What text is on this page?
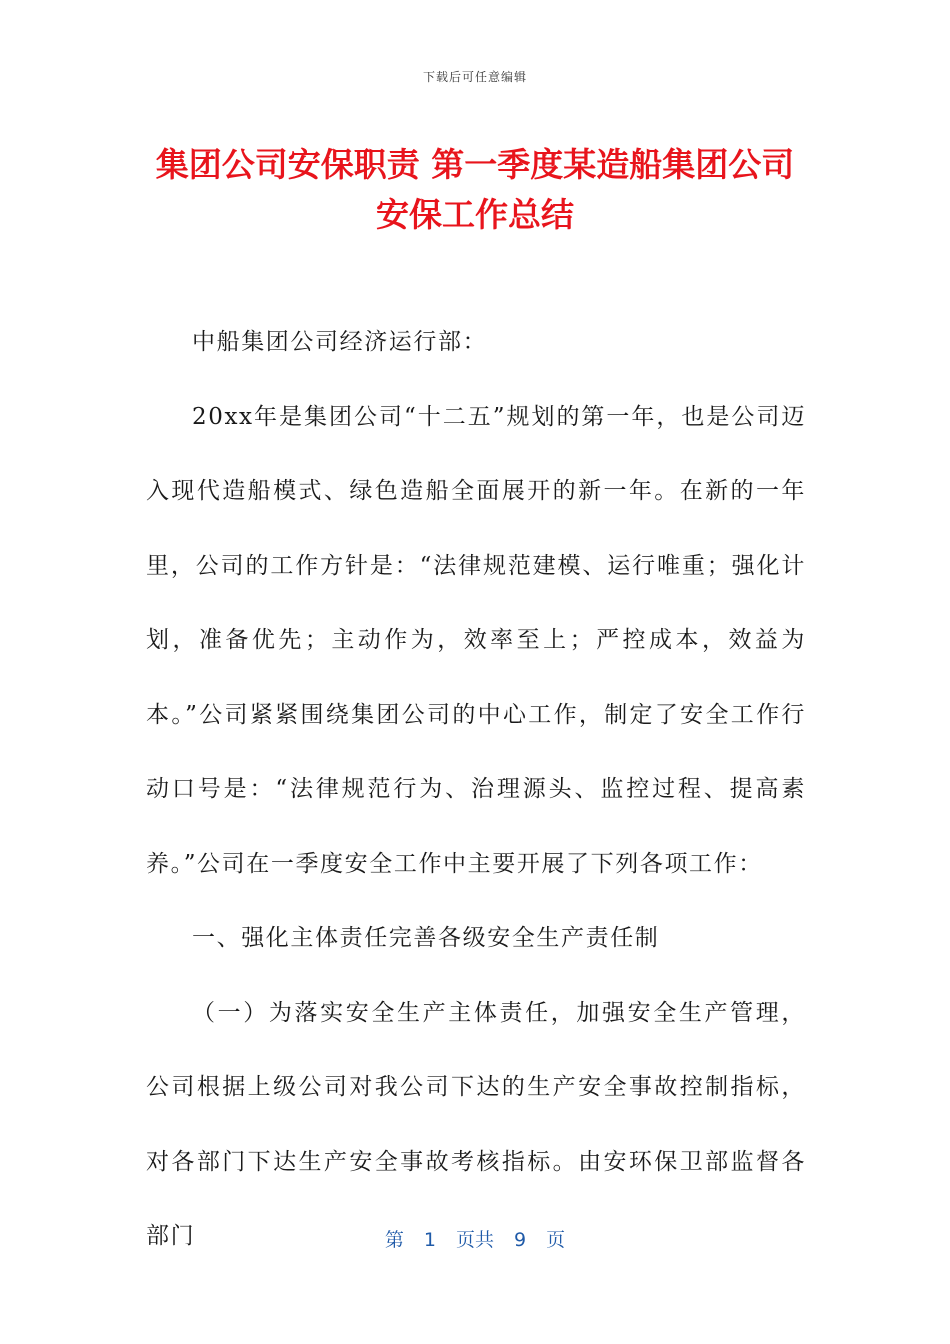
下载后可任意编辑
集团公司安保职责 第一季度某造船集团公司
安保工作总结

中船集团公司经济运行部：

20xx年是集团公司“十二五”规划的第一年，也是公司迈入现代造船模式、绿色造船全面展开的新一年。在新的一年里，公司的工作方针是：“法律规范建模、运行唯重；强化计划，准备优先；主动作为，效率至上；严控成本，效益为本。”公司紧紧围绕集团公司的中心工作，制定了安全工作行动口号是：“法律规范行为、治理源头、监控过程、提高素养。”公司在一季度安全工作中主要开展了下列各项工作：

一、强化主体责任完善各级安全生产责任制

（一）为落实安全生产主体责任，加强安全生产管理，公司根据上级公司对我公司下达的生产安全事故控制指标，对各部门下达生产安全事故考核指标。由安环保卫部监督各部门	第 1 页共 9 页
